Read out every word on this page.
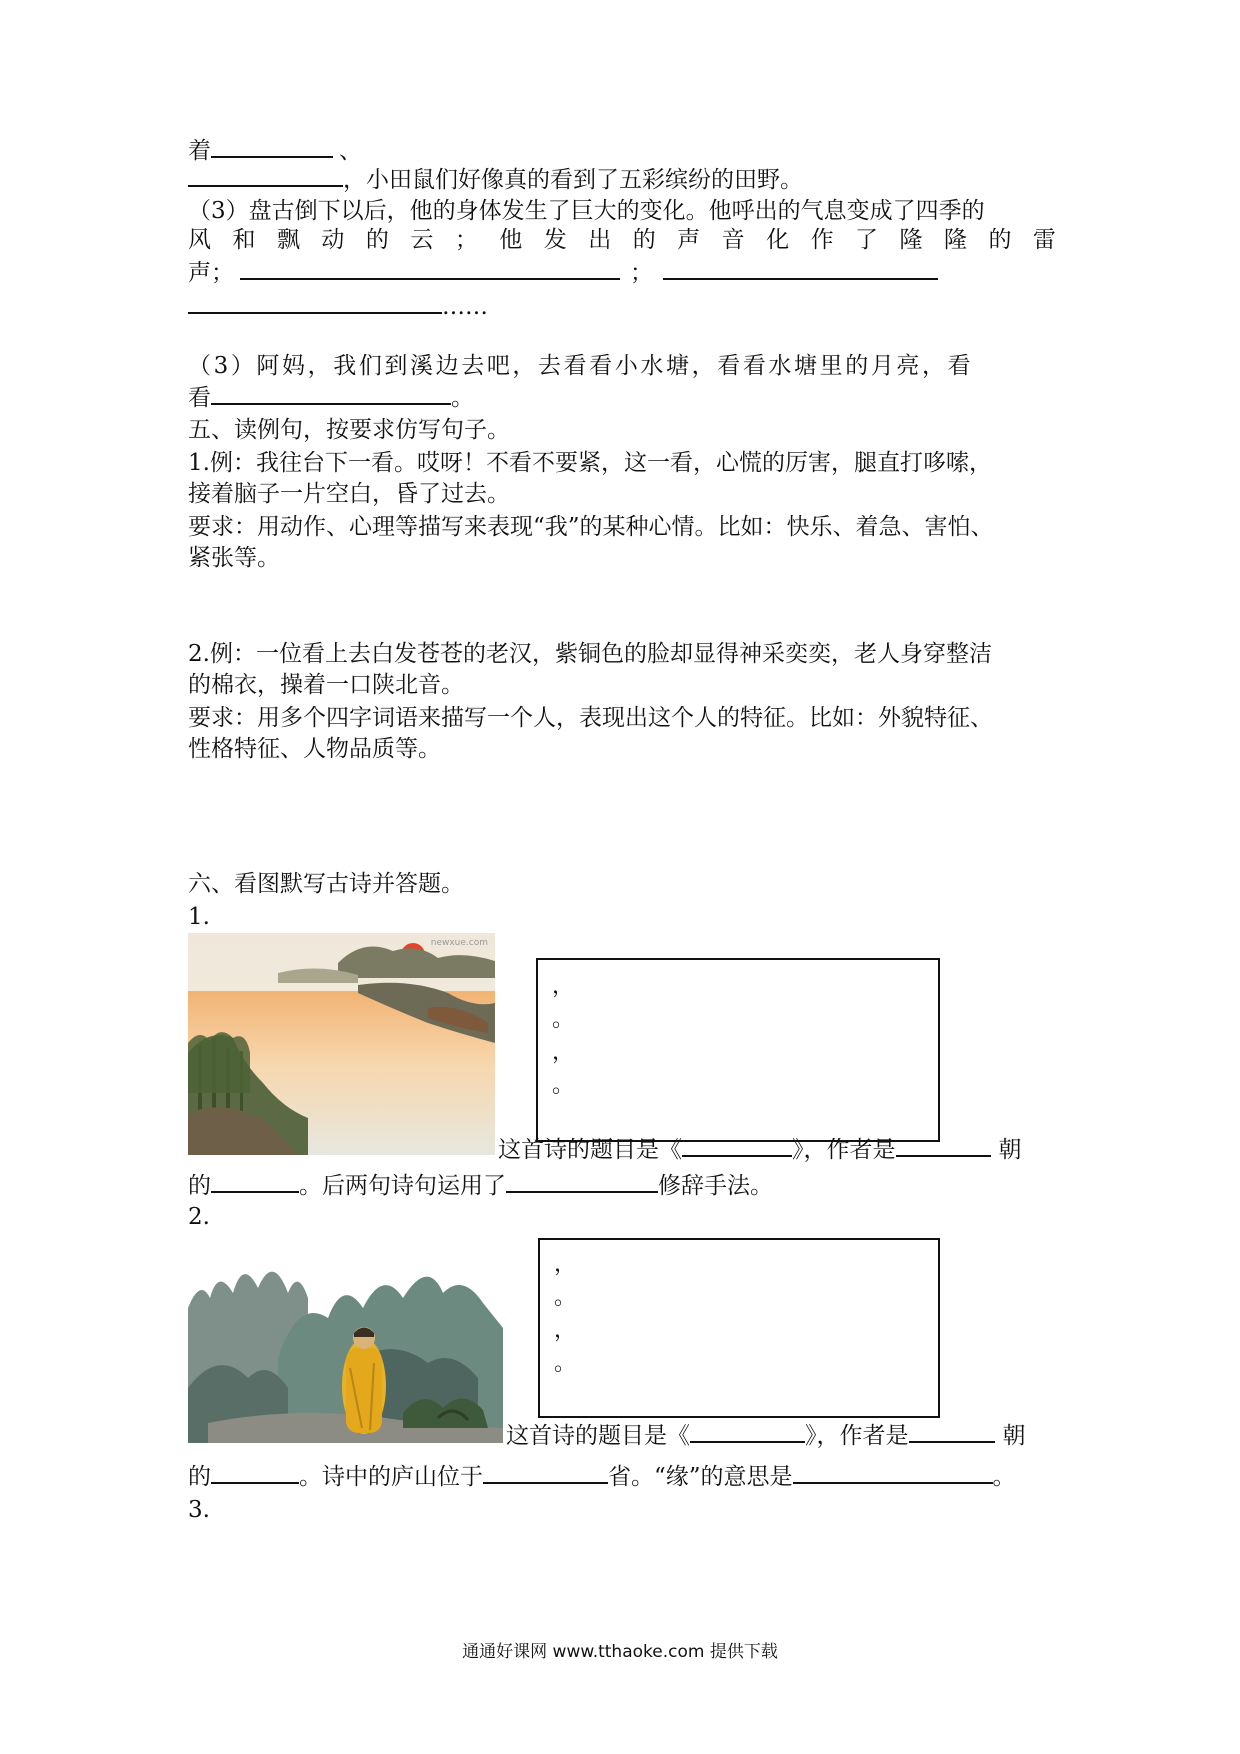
着	、
，小田鼠们好像真的看到了五彩缤纷的田野。
（3）盘古倒下以后，他的身体发生了巨大的变化。他呼出的气息变成了四季的
风 和 飘 动 的 云 ； 他 发 出 的 声 音 化 作 了 隆 隆 的 雷
声；	；
……
（3）阿妈，我们到溪边去吧，去看看小水塘，看看水塘里的月亮，看
看	。
五、读例句，按要求仿写句子。
1.例：我往台下一看。哎呀！不看不要紧，这一看，心慌的厉害，腿直打哆嗦，
接着脑子一片空白，昏了过去。
要求：用动作、心理等描写来表现“我”的某种心情。比如：快乐、着急、害怕、
紧张等。
2.例：一位看上去白发苍苍的老汉，紫铜色的脸却显得神采奕奕，老人身穿整洁
的棉衣，操着一口陕北音。
要求：用多个四字词语来描写一个人，表现出这个人的特征。比如：外貌特征、
性格特征、人物品质等。
六、看图默写古诗并答题。
1.
newxue.com
，
。
，
。
这首诗的题目是《	》，作者是	朝
的	。后两句诗句运用了	修辞手法。
2.
，
。
，
。
这首诗的题目是《	》，作者是	朝
的	。诗中的庐山位于	省。“缘”的意思是	。
3.
通通好课网 www.tthaoke.com 提供下载
